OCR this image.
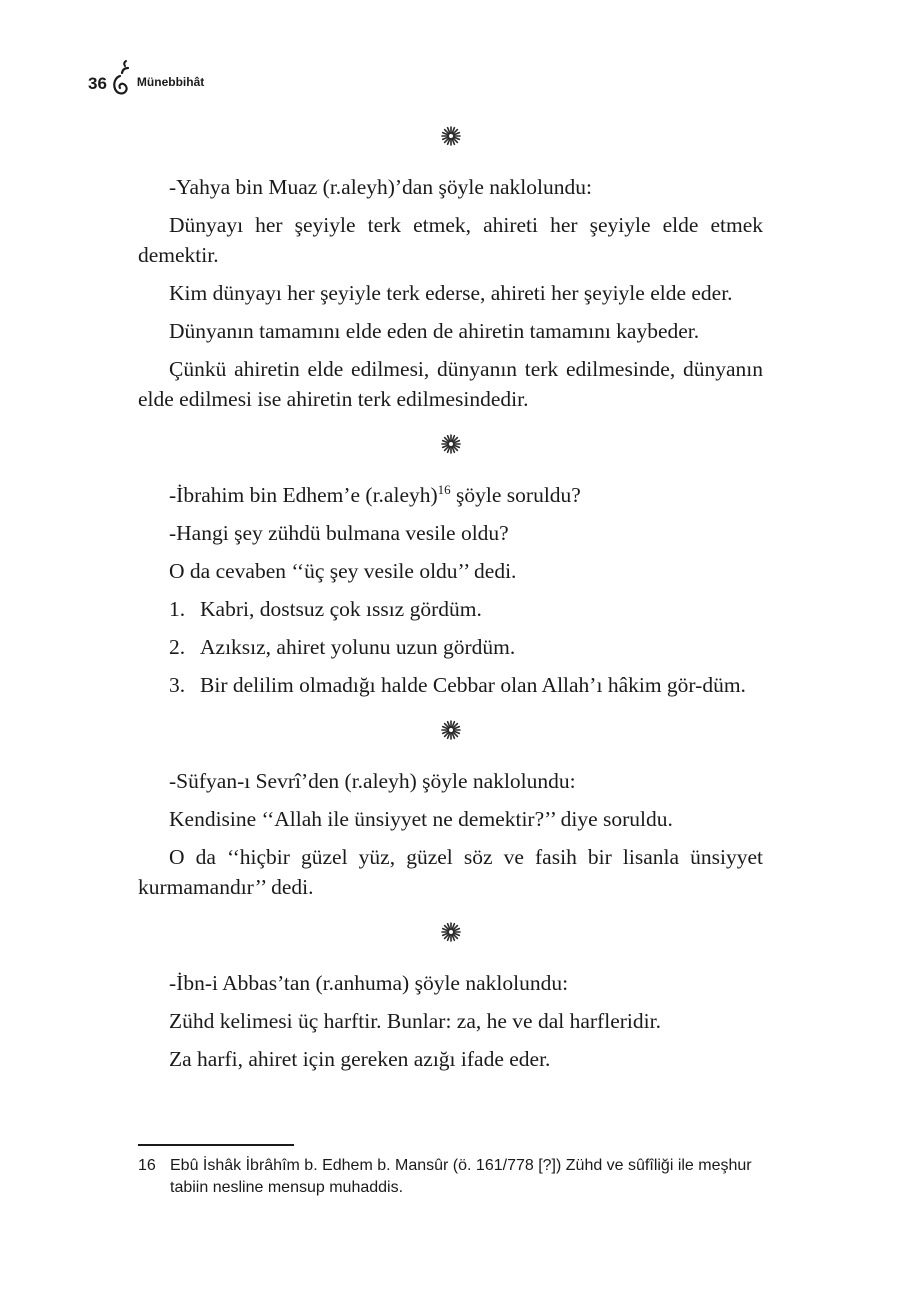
36	Münebbihât

-Yahya bin Muaz (r.aleyh)’dan şöyle naklolundu:

Dünyayı her şeyiyle terk etmek, ahireti her şeyiyle elde etmek demektir.

Kim dünyayı her şeyiyle terk ederse, ahireti her şeyiyle elde eder.

Dünyanın tamamını elde eden de ahiretin tamamını kaybeder.

Çünkü ahiretin elde edilmesi, dünyanın terk edilmesinde, dünyanın elde edilmesi ise ahiretin terk edilmesindedir.

-İbrahim bin Edhem’e (r.aleyh)$^{16}$ şöyle soruldu?

-Hangi şey zühdü bulmana vesile oldu?

O da cevaben ‘‘üç şey vesile oldu’’ dedi.

1. Kabri, dostsuz çok ıssız gördüm.
2. Azıksız, ahiret yolunu uzun gördüm.
3. Bir delilim olmadığı halde Cebbar olan Allah’ı hâkim gör-düm.

-Süfyan-ı Sevrî’den (r.aleyh) şöyle naklolundu:

Kendisine ‘‘Allah ile ünsiyyet ne demektir?’’ diye soruldu.

O da ‘‘hiçbir güzel yüz, güzel söz ve fasih bir lisanla ünsiyyet kurmamandır’’ dedi.

-İbn-i Abbas’tan (r.anhuma) şöyle naklolundu:

Zühd kelimesi üç harftir. Bunlar: za, he ve dal harfleridir.

Za harfi, ahiret için gereken azığı ifade eder.

16 Ebû İshâk İbrâhîm b. Edhem b. Mansûr (ö. 161/778 [?]) Zühd ve sûfîliği ile meşhur tabiin nesline mensup muhaddis.
